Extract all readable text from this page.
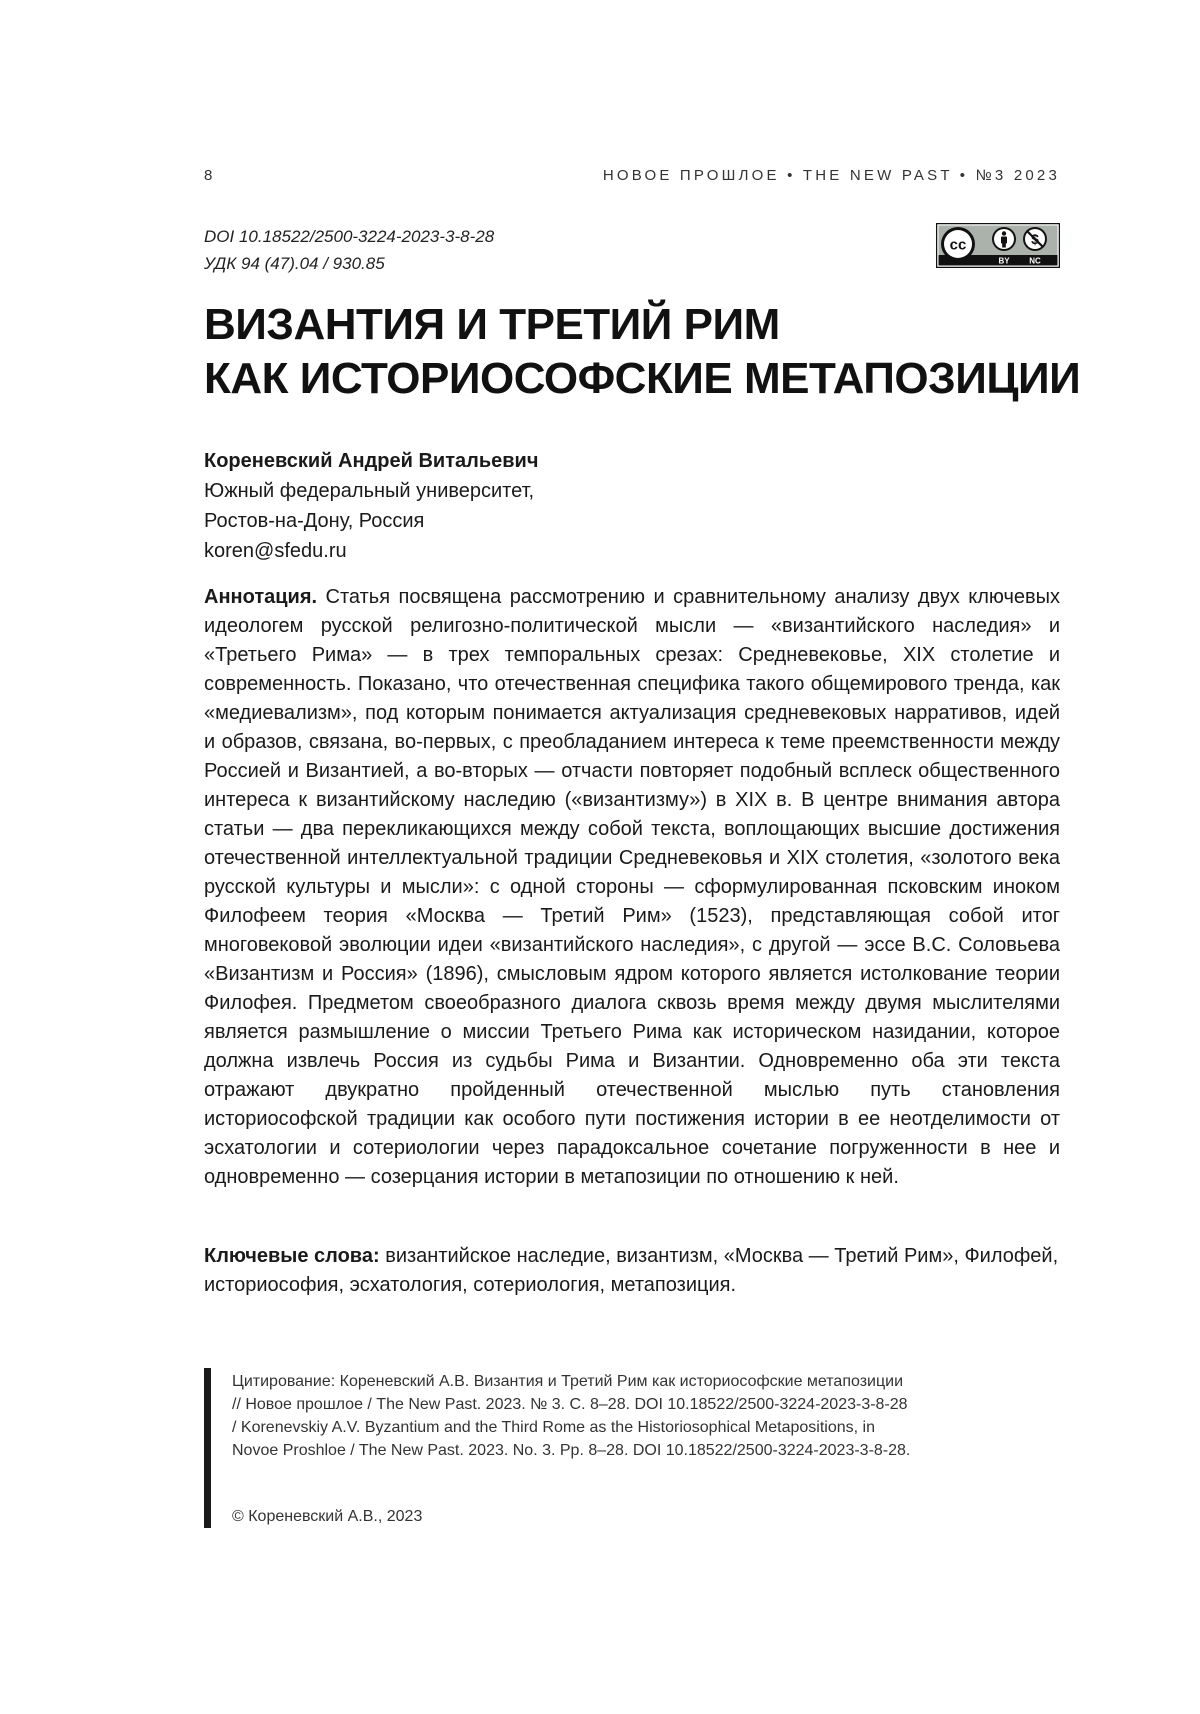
8	НОВОЕ ПРОШЛОЕ • THE NEW PAST • №3 2023
DOI 10.18522/2500-3224-2023-3-8-28
УДК 94 (47).04 / 930.85
cc
BY NC
ВИЗАНТИЯ И ТРЕТИЙ РИМ
КАК ИСТОРИОСОФСКИЕ МЕТАПОЗИЦИИ
Кореневский Андрей Витальевич
Южный федеральный университет,
Ростов-на-Дону, Россия
koren@sfedu.ru

Аннотация. Статья посвящена рассмотрению и сравнительному анализу двух ключевых идеологем русской религозно-политической мысли — «византийского наследия» и «Третьего Рима» — в трех темпоральных срезах: Средневековье, XIX столетие и современность. Показано, что отечественная специфика такого общемирового тренда, как «медиевализм», под которым понимается актуализация средневековых нарративов, идей и образов, связана, во-первых, с преобладанием интереса к теме преемственности между Россией и Византией, а во-вторых — отчасти повторяет подобный всплеск общественного интереса к византийскому наследию («византизму») в XIX в. В центре внимания автора статьи — два перекликающихся между собой текста, воплощающих высшие достижения отечественной интеллектуальной традиции Средневековья и XIX столетия, «золотого века русской культуры и мысли»: с одной стороны — сформулированная псковским иноком Филофеем теория «Москва — Третий Рим» (1523), представляющая собой итог многовековой эволюции идеи «византийского наследия», с другой — эссе В.С. Соловьева «Византизм и Россия» (1896), смысловым ядром которого является истолкование теории Филофея. Предметом своеобразного диалога сквозь время между двумя мыслителями является размышление о миссии Третьего Рима как историческом назидании, которое должна извлечь Россия из судьбы Рима и Византии. Одновременно оба эти текста отражают двукратно пройденный отечественной мыслью путь становления историософской традиции как особого пути постижения истории в ее неотделимости от эсхатологии и сотериологии через парадоксальное сочетание погруженности в нее и одновременно — созерцания истории в метапозиции по отношению к ней.

Ключевые слова: византийское наследие, византизм, «Москва — Третий Рим», Филофей, историософия, эсхатология, сотериология, метапозиция.

Цитирование: Кореневский А.В. Византия и Третий Рим как историософские метапозиции // Новое прошлое / The New Past. 2023. № 3. С. 8–28. DOI 10.18522/2500-3224-2023-3-8-28 / Korenevskiy A.V. Byzantium and the Third Rome as the Historiosophical Metapositions, in Novoe Proshloe / The New Past. 2023. No. 3. Pp. 8–28. DOI 10.18522/2500-3224-2023-3-8-28.

© Кореневский А.В., 2023
